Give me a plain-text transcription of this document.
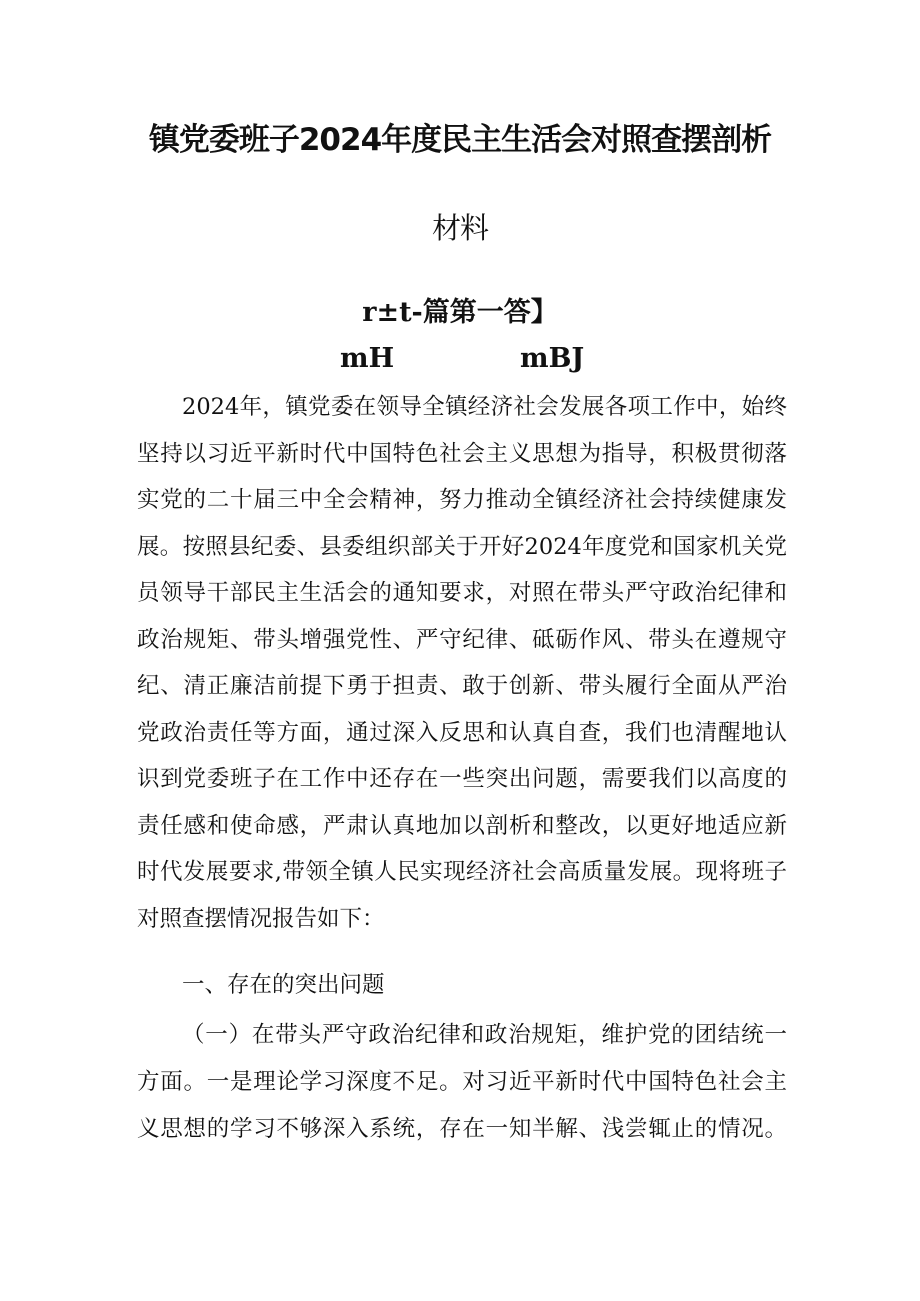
镇党委班子2024年度民主生活会对照查摆剖析
材料
r±t-篇第一答】
mH	mBJ
2024年，镇党委在领导全镇经济社会发展各项工作中，始终
坚持以习近平新时代中国特色社会主义思想为指导，积极贯彻落
实党的二十届三中全会精神，努力推动全镇经济社会持续健康发
展。按照县纪委、县委组织部关于开好2024年度党和国家机关党
员领导干部民主生活会的通知要求，对照在带头严守政治纪律和
政治规矩、带头增强党性、严守纪律、砥砺作风、带头在遵规守
纪、清正廉洁前提下勇于担责、敢于创新、带头履行全面从严治
党政治责任等方面，通过深入反思和认真自查，我们也清醒地认
识到党委班子在工作中还存在一些突出问题，需要我们以高度的
责任感和使命感，严肃认真地加以剖析和整改，以更好地适应新
时代发展要求,带领全镇人民实现经济社会高质量发展。现将班子
对照查摆情况报告如下：
一、存在的突出问题
（一）在带头严守政治纪律和政治规矩，维护党的团结统一
方面。一是理论学习深度不足。对习近平新时代中国特色社会主
义思想的学习不够深入系统，存在一知半解、浅尝辄止的情况。
